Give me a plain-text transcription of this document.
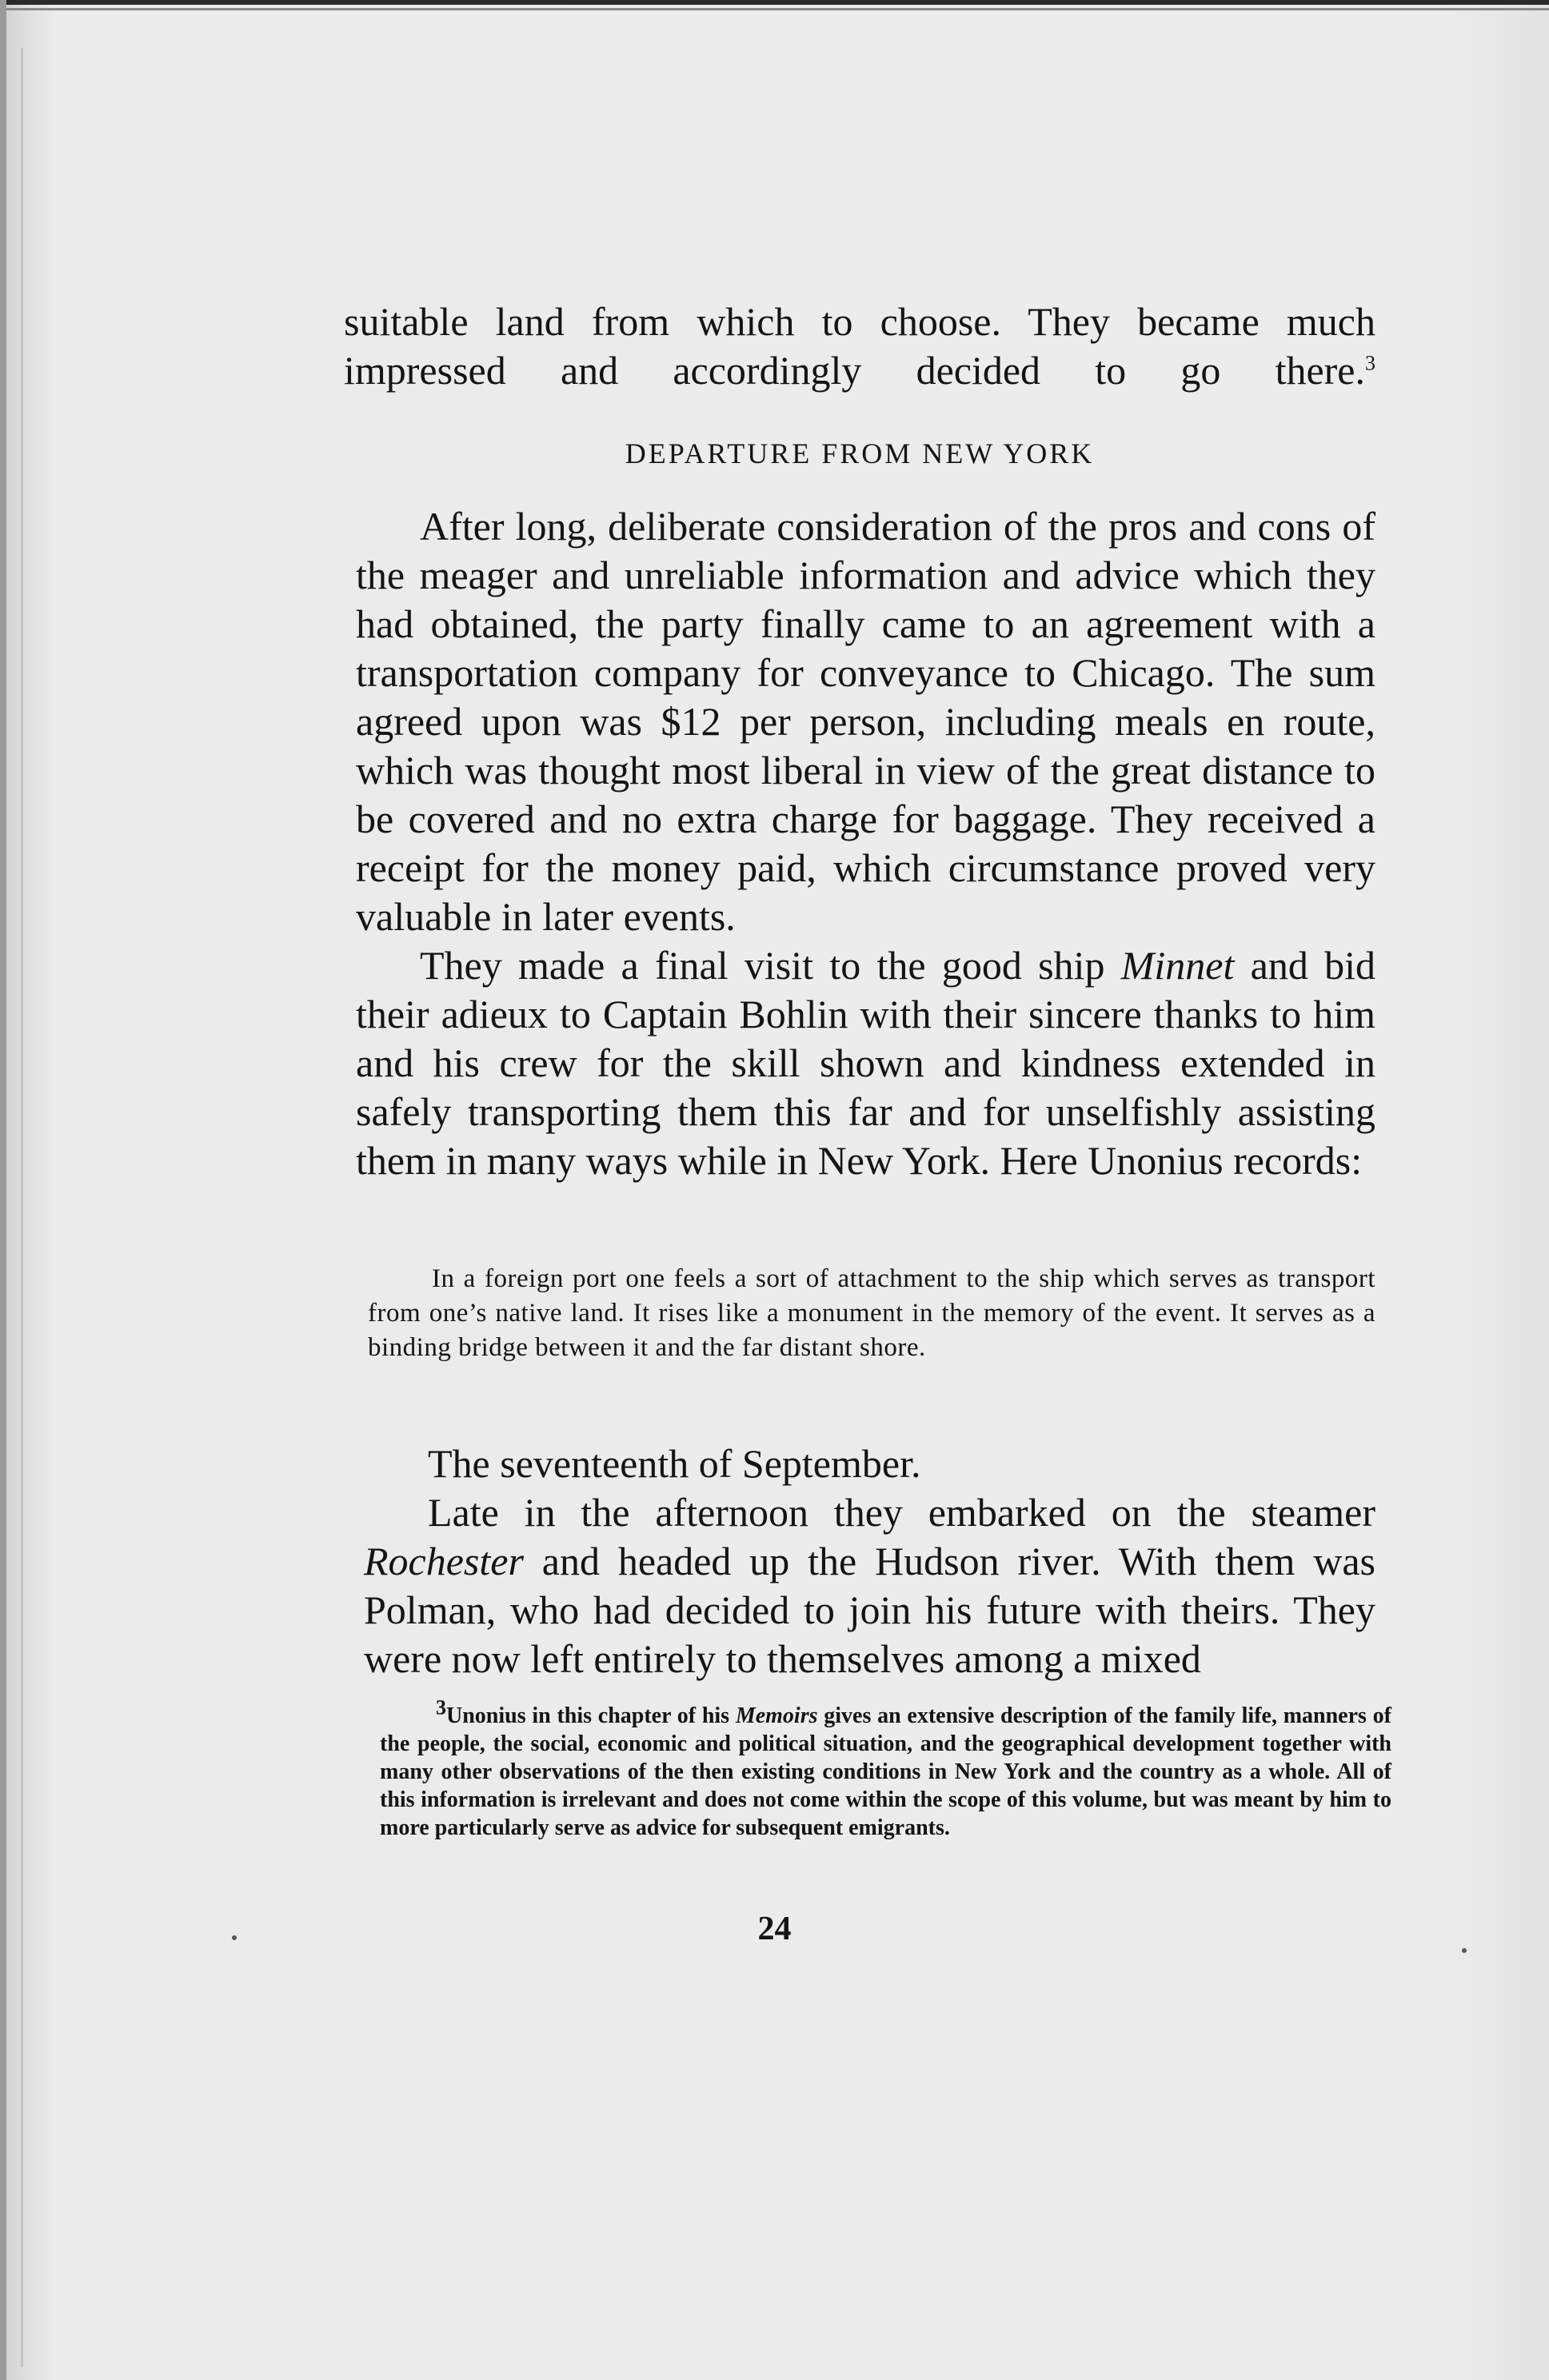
suitable land from which to choose. They became much impressed and accordingly decided to go there.$^3$

DEPARTURE FROM NEW YORK

After long, deliberate consideration of the pros and cons of the meager and unreliable information and advice which they had obtained, the party finally came to an agreement with a transportation company for conveyance to Chicago. The sum agreed upon was $12 per person, including meals en route, which was thought most liberal in view of the great distance to be covered and no extra charge for baggage. They received a receipt for the money paid, which circumstance proved very valuable in later events.

They made a final visit to the good ship Minnet and bid their adieux to Captain Bohlin with their sincere thanks to him and his crew for the skill shown and kindness extended in safely transporting them this far and for unselfishly assisting them in many ways while in New York. Here Unonius records:

In a foreign port one feels a sort of attachment to the ship which serves as transport from one’s native land. It rises like a monument in the memory of the event. It serves as a binding bridge between it and the far distant shore.

The seventeenth of September.

Late in the afternoon they embarked on the steamer Rochester and headed up the Hudson river. With them was Polman, who had decided to join his future with theirs. They were now left entirely to themselves among a mixed

3Unonius in this chapter of his Memoirs gives an extensive description of the family life, manners of the people, the social, economic and political situation, and the geographical development together with many other observations of the then existing conditions in New York and the country as a whole. All of this information is irrelevant and does not come within the scope of this volume, but was meant by him to more particularly serve as advice for subsequent emigrants.

24
